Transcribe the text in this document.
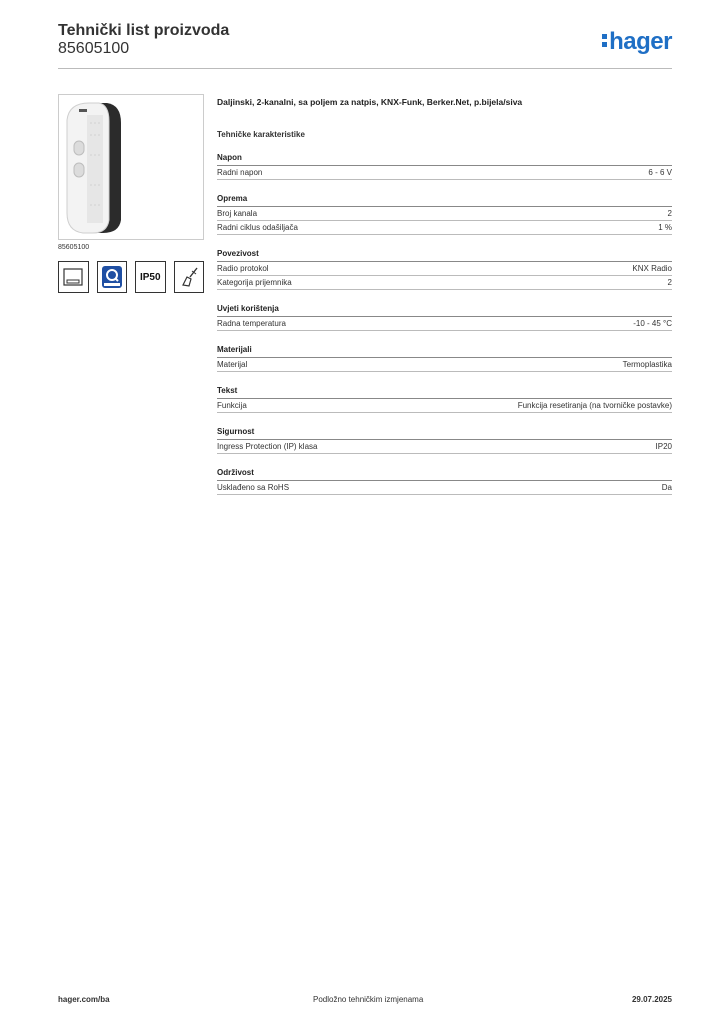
Tehnički list proizvoda
85605100	hager
85605100
IP50
Daljinski, 2-kanalni, sa poljem za natpis, KNX-Funk, Berker.Net, p.bijela/siva
Tehničke karakteristike
Napon
Radni napon	6 - 6 V
Oprema
Broj kanala	2
Radni ciklus odašiljača	1 %
Povezivost
Radio protokol	KNX Radio
Kategorija prijemnika	2
Uvjeti korištenja
Radna temperatura	-10 - 45 °C
Materijali
Materijal	Termoplastika
Tekst
Funkcija	Funkcija resetiranja (na tvorničke postavke)
Sigurnost
Ingress Protection (IP) klasa	IP20
Održivost
Usklađeno sa RoHS	Da
hager.com/ba	Podložno tehničkim izmjenama	29.07.2025
